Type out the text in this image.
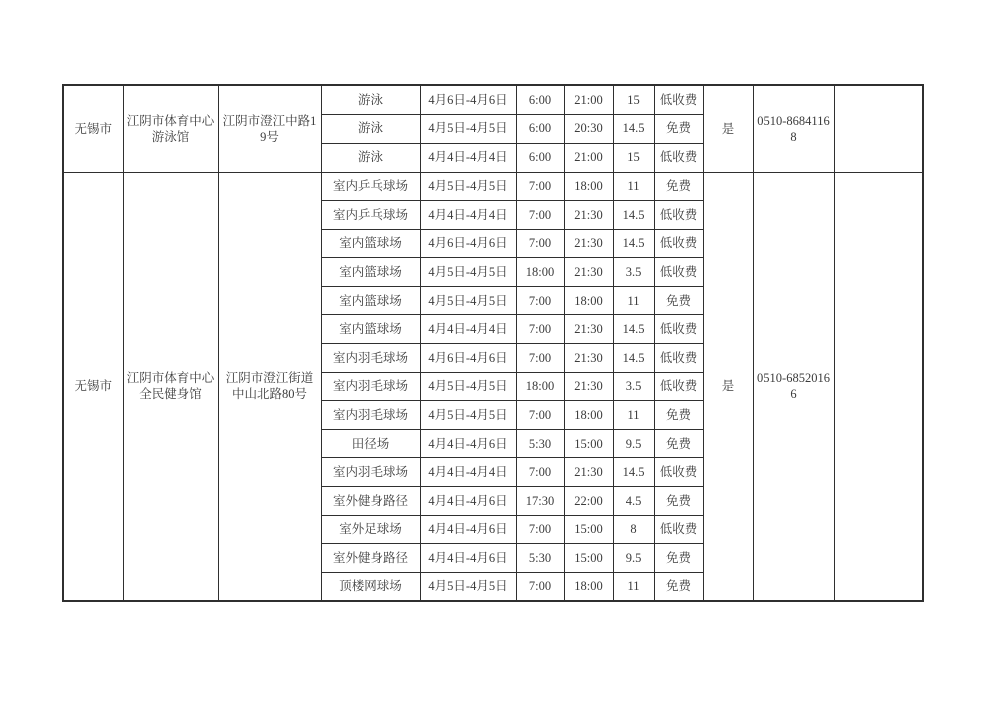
无锡市	江阴市体育中心游泳馆	江阴市澄江中路19号	游泳	4月6日-4月6日	6:00	21:00	15	低收费	是	0510-86841168	
			游泳	4月5日-4月5日	6:00	20:30	14.5	免费			
			游泳	4月4日-4月4日	6:00	21:00	15	低收费			
无锡市	江阴市体育中心全民健身馆	江阴市澄江街道中山北路80号	室内乒乓球场	4月5日-4月5日	7:00	18:00	11	免费	是	0510-68520166	
			室内乒乓球场	4月4日-4月4日	7:00	21:30	14.5	低收费			
			室内篮球场	4月6日-4月6日	7:00	21:30	14.5	低收费			
			室内篮球场	4月5日-4月5日	18:00	21:30	3.5	低收费			
			室内篮球场	4月5日-4月5日	7:00	18:00	11	免费			
			室内篮球场	4月4日-4月4日	7:00	21:30	14.5	低收费			
			室内羽毛球场	4月6日-4月6日	7:00	21:30	14.5	低收费			
			室内羽毛球场	4月5日-4月5日	18:00	21:30	3.5	低收费			
			室内羽毛球场	4月5日-4月5日	7:00	18:00	11	免费			
			田径场	4月4日-4月6日	5:30	15:00	9.5	免费			
			室内羽毛球场	4月4日-4月4日	7:00	21:30	14.5	低收费			
			室外健身路径	4月4日-4月6日	17:30	22:00	4.5	免费			
			室外足球场	4月4日-4月6日	7:00	15:00	8	低收费			
			室外健身路径	4月4日-4月6日	5:30	15:00	9.5	免费			
			顶楼网球场	4月5日-4月5日	7:00	18:00	11	免费			
